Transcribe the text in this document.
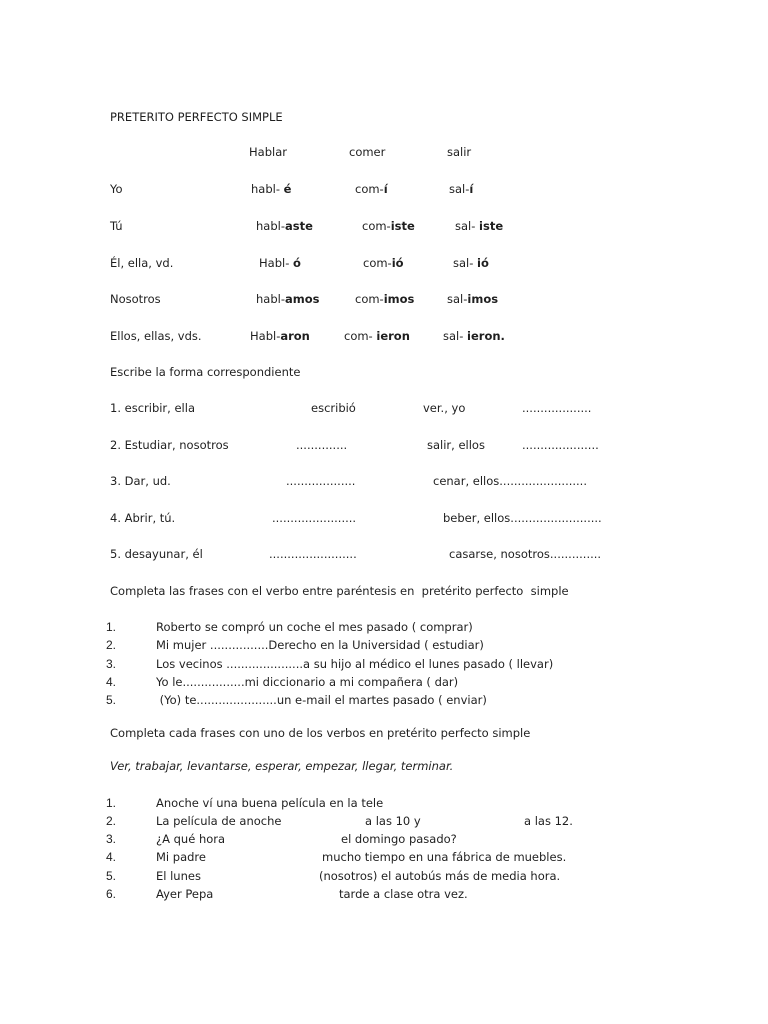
PRETERITO PERFECTO SIMPLE
Hablar	comer	salir
Yo	habl- é	com-í	sal-í
Tú	habl-aste	com-iste	sal- iste
Él, ella, vd.	Habl- ó	com-ió	sal- ió
Nosotros	habl-amos	com-imos	sal-imos
Ellos, ellas, vds.	Habl-aron	com- ieron	sal- ieron.
Escribe la forma correspondiente
1. escribir, ella	escribió	ver., yo	...................
2. Estudiar, nosotros	..............	salir, ellos	.....................
3. Dar, ud.	...................	cenar, ellos........................
4. Abrir, tú.	.......................	beber, ellos.........................
5. desayunar, él	........................	casarse, nosotros..............
Completa las frases con el verbo entre paréntesis en  pretérito perfecto  simple
1.	Roberto se compró un coche el mes pasado ( comprar)
2.	Mi mujer ................Derecho en la Universidad ( estudiar)
3.	Los vecinos .....................a su hijo al médico el lunes pasado ( llevar)
4.	Yo le.................mi diccionario a mi compañera ( dar)
5.	(Yo) te......................un e-mail el martes pasado ( enviar)
Completa cada frases con uno de los verbos en pretérito perfecto simple
Ver, trabajar, levantarse, esperar, empezar, llegar, terminar.
1.	Anoche ví una buena película en la tele
2.	La película de anoche	a las 10 y	a las 12.
3.	¿A qué hora	el domingo pasado?
4.	Mi padre	mucho tiempo en una fábrica de muebles.
5.	El lunes	(nosotros) el autobús más de media hora.
6.	Ayer Pepa	tarde a clase otra vez.
